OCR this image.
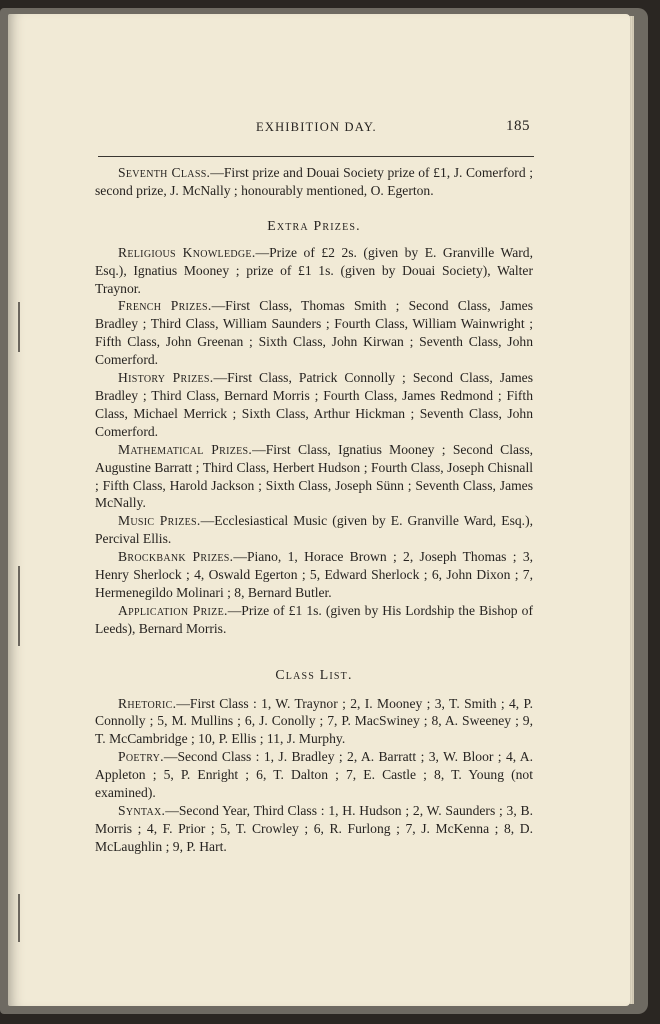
EXHIBITION DAY.	185

Seventh Class.—First prize and Douai Society prize of £1, J. Comerford ; second prize, J. McNally ; honourably mentioned, O. Egerton.

Extra Prizes.

Religious Knowledge.—Prize of £2 2s. (given by E. Granville Ward, Esq.), Ignatius Mooney ; prize of £1 1s. (given by Douai Society), Walter Traynor.

French Prizes.—First Class, Thomas Smith ; Second Class, James Bradley ; Third Class, William Saunders ; Fourth Class, William Wainwright ; Fifth Class, John Greenan ; Sixth Class, John Kirwan ; Seventh Class, John Comerford.

History Prizes.—First Class, Patrick Connolly ; Second Class, James Bradley ; Third Class, Bernard Morris ; Fourth Class, James Redmond ; Fifth Class, Michael Merrick ; Sixth Class, Arthur Hickman ; Seventh Class, John Comerford.

Mathematical Prizes.—First Class, Ignatius Mooney ; Second Class, Augustine Barratt ; Third Class, Herbert Hudson ; Fourth Class, Joseph Chisnall ; Fifth Class, Harold Jackson ; Sixth Class, Joseph Sünn ; Seventh Class, James McNally.

Music Prizes.—Ecclesiastical Music (given by E. Granville Ward, Esq.), Percival Ellis.

Brockbank Prizes.—Piano, 1, Horace Brown ; 2, Joseph Thomas ; 3, Henry Sherlock ; 4, Oswald Egerton ; 5, Edward Sherlock ; 6, John Dixon ; 7, Hermenegildo Molinari ; 8, Bernard Butler.

Application Prize.—Prize of £1 1s. (given by His Lordship the Bishop of Leeds), Bernard Morris.

Class List.

Rhetoric.—First Class : 1, W. Traynor ; 2, I. Mooney ; 3, T. Smith ; 4, P. Connolly ; 5, M. Mullins ; 6, J. Conolly ; 7, P. MacSwiney ; 8, A. Sweeney ; 9, T. McCambridge ; 10, P. Ellis ; 11, J. Murphy.

Poetry.—Second Class : 1, J. Bradley ; 2, A. Barratt ; 3, W. Bloor ; 4, A. Appleton ; 5, P. Enright ; 6, T. Dalton ; 7, E. Castle ; 8, T. Young (not examined).

Syntax.—Second Year, Third Class : 1, H. Hudson ; 2, W. Saunders ; 3, B. Morris ; 4, F. Prior ; 5, T. Crowley ; 6, R. Furlong ; 7, J. McKenna ; 8, D. McLaughlin ; 9, P. Hart.
